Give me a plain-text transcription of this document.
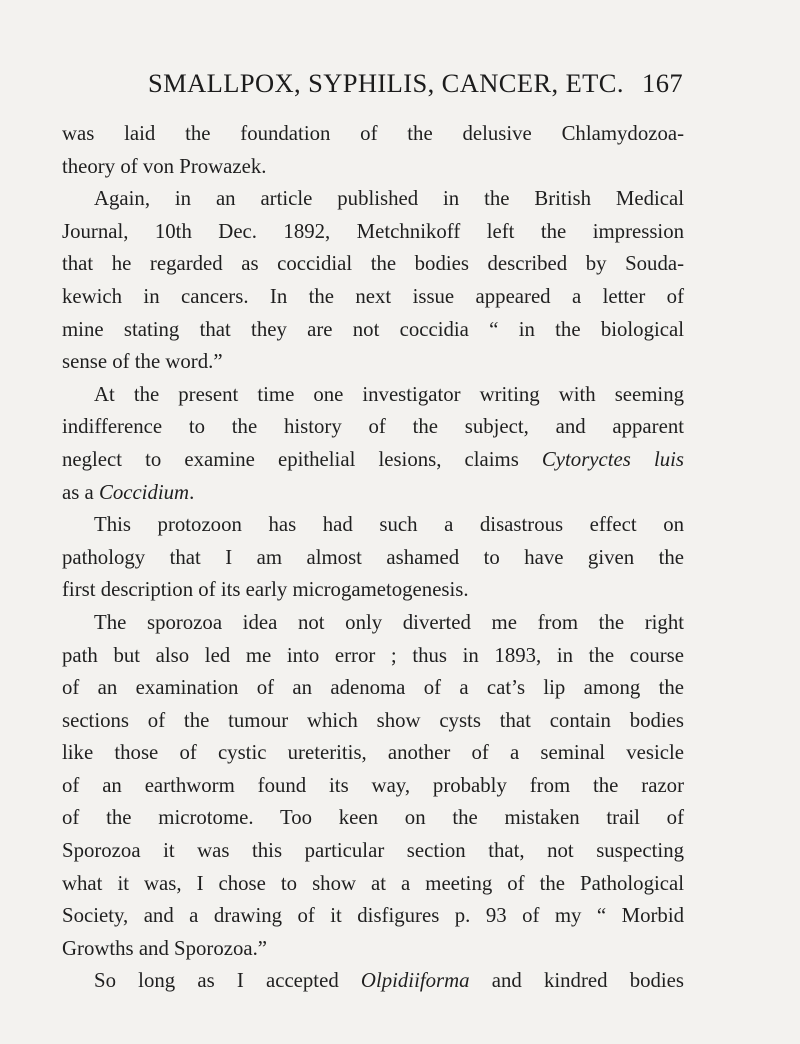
SMALLPOX, SYPHILIS, CANCER, ETC. 167
was laid the foundation of the delusive Chlamydozoa-
theory of von Prowazek.
Again, in an article published in the British Medical
Journal, 10th Dec. 1892, Metchnikoff left the impression
that he regarded as coccidial the bodies described by Souda-
kewich in cancers. In the next issue appeared a letter of
mine stating that they are not coccidia “ in the biological
sense of the word.”
At the present time one investigator writing with seeming
indifference to the history of the subject, and apparent
neglect to examine epithelial lesions, claims Cytoryctes luis
as a Coccidium.
This protozoon has had such a disastrous effect on
pathology that I am almost ashamed to have given the
first description of its early microgametogenesis.
The sporozoa idea not only diverted me from the right
path but also led me into error ; thus in 1893, in the course
of an examination of an adenoma of a cat’s lip among the
sections of the tumour which show cysts that contain bodies
like those of cystic ureteritis, another of a seminal vesicle
of an earthworm found its way, probably from the razor
of the microtome. Too keen on the mistaken trail of
Sporozoa it was this particular section that, not suspecting
what it was, I chose to show at a meeting of the Pathological
Society, and a drawing of it disfigures p. 93 of my “ Morbid
Growths and Sporozoa.”
So long as I accepted Olpidiiforma and kindred bodies
